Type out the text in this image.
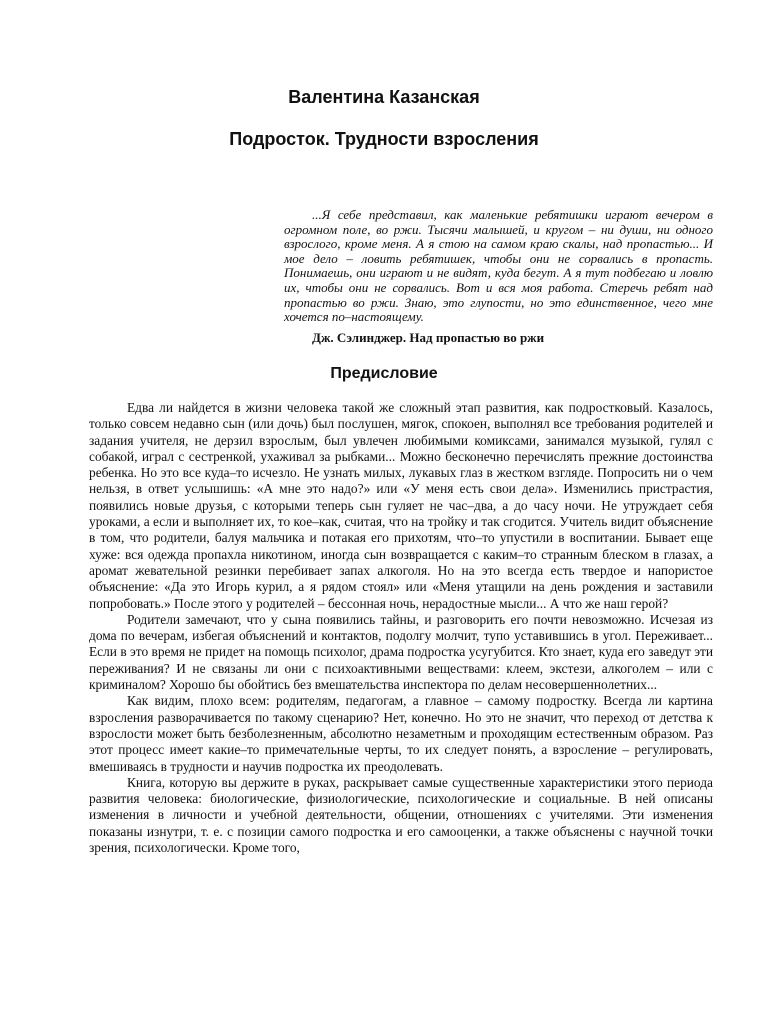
Валентина Казанская
Подросток. Трудности взросления

...Я себе представил, как маленькие ребятишки играют вечером в огромном поле, во ржи. Тысячи малышей, и кругом – ни души, ни одного взрослого, кроме меня. А я стою на самом краю скалы, над пропастью... И мое дело – ловить ребятишек, чтобы они не сорвались в пропасть. Понимаешь, они играют и не видят, куда бегут. А я тут подбегаю и ловлю их, чтобы они не сорвались. Вот и вся моя работа. Стеречь ребят над пропастью во ржи. Знаю, это глупости, но это единственное, чего мне хочется по–настоящему.

Дж. Сэлинджер. Над пропастью во ржи
Предисловие

Едва ли найдется в жизни человека такой же сложный этап развития, как подростковый. Казалось, только совсем недавно сын (или дочь) был послушен, мягок, спокоен, выполнял все требования родителей и задания учителя, не дерзил взрослым, был увлечен любимыми комиксами, занимался музыкой, гулял с собакой, играл с сестренкой, ухаживал за рыбками... Можно бесконечно перечислять прежние достоинства ребенка. Но это все куда–то исчезло. Не узнать милых, лукавых глаз в жестком взгляде. Попросить ни о чем нельзя, в ответ услышишь: «А мне это надо?» или «У меня есть свои дела». Изменились пристрастия, появились новые друзья, с которыми теперь сын гуляет не час–два, а до часу ночи. Не утруждает себя уроками, а если и выполняет их, то кое–как, считая, что на тройку и так сгодится. Учитель видит объяснение в том, что родители, балуя мальчика и потакая его прихотям, что–то упустили в воспитании. Бывает еще хуже: вся одежда пропахла никотином, иногда сын возвращается с каким–то странным блеском в глазах, а аромат жевательной резинки перебивает запах алкоголя. Но на это всегда есть твердое и напористое объяснение: «Да это Игорь курил, а я рядом стоял» или «Меня утащили на день рождения и заставили попробовать.» После этого у родителей – бессонная ночь, нерадостные мысли... А что же наш герой?

Родители замечают, что у сына появились тайны, и разговорить его почти невозможно. Исчезая из дома по вечерам, избегая объяснений и контактов, подолгу молчит, тупо уставившись в угол. Переживает... Если в это время не придет на помощь психолог, драма подростка усугубится. Кто знает, куда его заведут эти переживания? И не связаны ли они с психоактивными веществами: клеем, экстези, алкоголем – или с криминалом? Хорошо бы обойтись без вмешательства инспектора по делам несовершеннолетних...

Как видим, плохо всем: родителям, педагогам, а главное – самому подростку. Всегда ли картина взросления разворачивается по такому сценарию? Нет, конечно. Но это не значит, что переход от детства к взрослости может быть безболезненным, абсолютно незаметным и проходящим естественным образом. Раз этот процесс имеет какие–то примечательные черты, то их следует понять, а взросление – регулировать, вмешиваясь в трудности и научив подростка их преодолевать.

Книга, которую вы держите в руках, раскрывает самые существенные характеристики этого периода развития человека: биологические, физиологические, психологические и социальные. В ней описаны изменения в личности и учебной деятельности, общении, отношениях с учителями. Эти изменения показаны изнутри, т. е. с позиции самого подростка и его самооценки, а также объяснены с научной точки зрения, психологически. Кроме того,
